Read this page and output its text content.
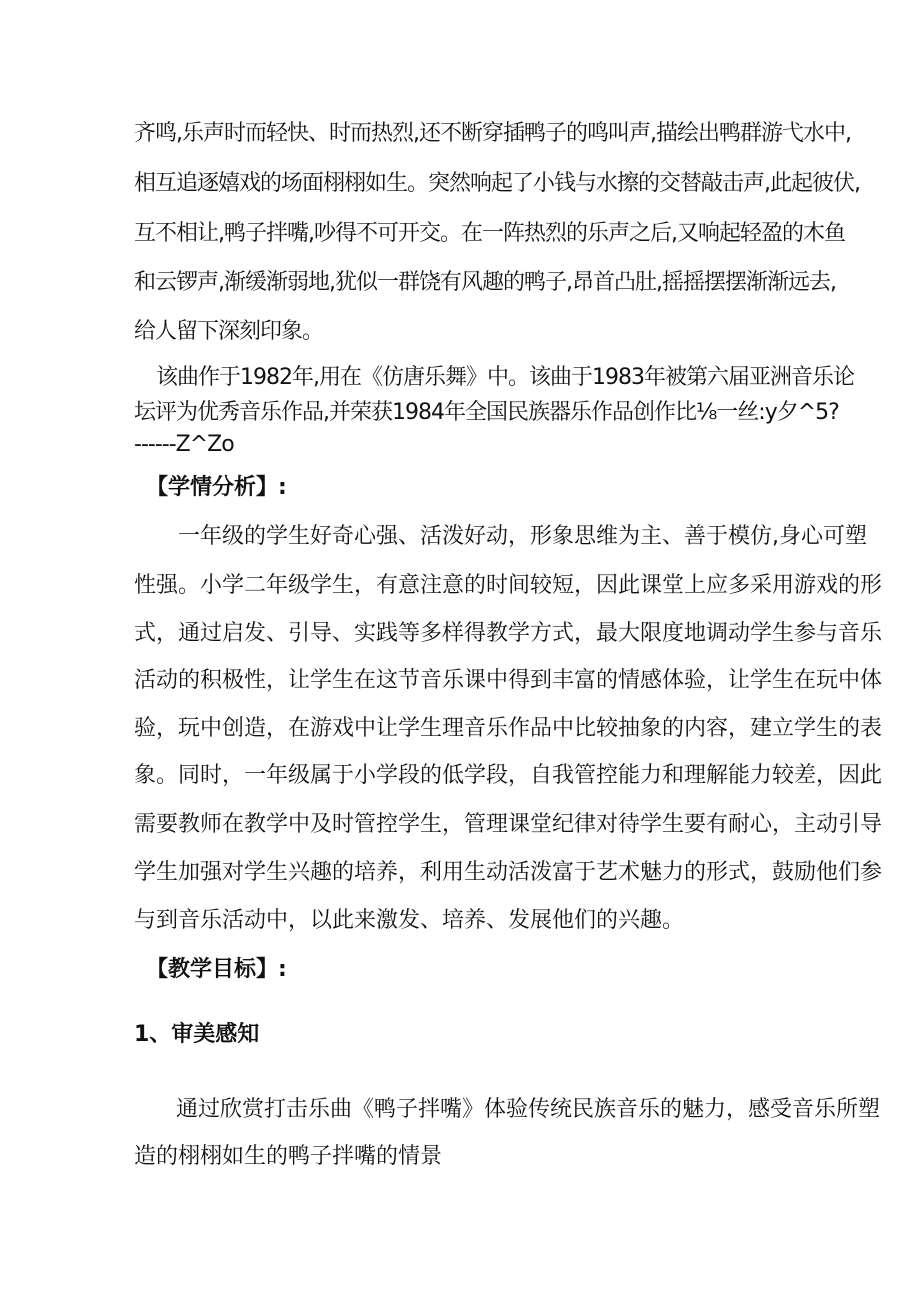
齐鸣,乐声时而轻快、时而热烈,还不断穿插鸭子的鸣叫声,描绘出鸭群游弋水中,
相互追逐嬉戏的场面栩栩如生。突然响起了小钱与水擦的交替敲击声,此起彼伏,
互不相让,鸭子拌嘴,吵得不可开交。在一阵热烈的乐声之后,又响起轻盈的木鱼
和云锣声,渐缓渐弱地,犹似一群饶有风趣的鸭子,昂首凸肚,摇摇摆摆渐渐远去,
给人留下深刻印象。
该曲作于1982年,用在《仿唐乐舞》中。该曲于1983年被第六届亚洲音乐论
坛评为优秀音乐作品,并荣获1984年全国民族器乐作品创作比⅛一丝:y夕^5?
------Z^Zo
【学情分析】:
一年级的学生好奇心强、活泼好动，形象思维为主、善于模仿,身心可塑
性强。小学二年级学生，有意注意的时间较短，因此课堂上应多采用游戏的形
式，通过启发、引导、实践等多样得教学方式，最大限度地调动学生参与音乐
活动的积极性，让学生在这节音乐课中得到丰富的情感体验，让学生在玩中体
验，玩中创造，在游戏中让学生理音乐作品中比较抽象的内容，建立学生的表
象。同时，一年级属于小学段的低学段，自我管控能力和理解能力较差，因此
需要教师在教学中及时管控学生，管理课堂纪律对待学生要有耐心，主动引导
学生加强对学生兴趣的培养，利用生动活泼富于艺术魅力的形式，鼓励他们参
与到音乐活动中，以此来激发、培养、发展他们的兴趣。
【教学目标】:
1、审美感知
通过欣赏打击乐曲《鸭子拌嘴》体验传统民族音乐的魅力，感受音乐所塑
造的栩栩如生的鸭子拌嘴的情景
